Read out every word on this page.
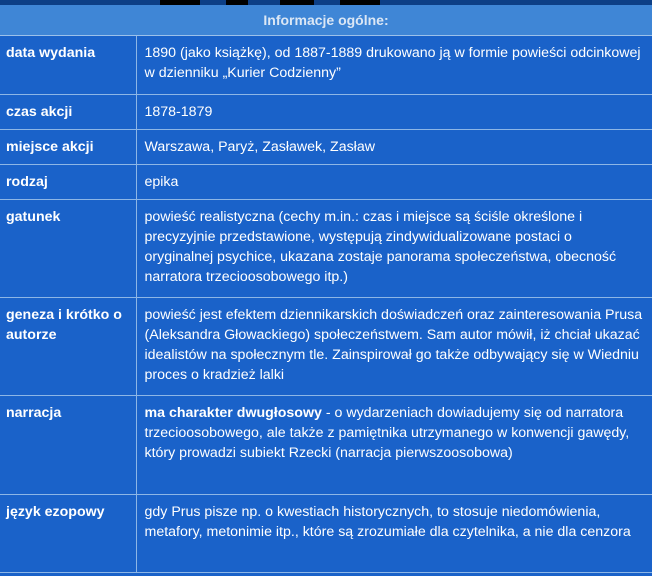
Informacje ogólne:	
data wydania	1890 (jako książkę), od 1887-1889 drukowano ją w formie powieści odcinkowej w dzienniku „Kurier Codzienny”
czas akcji	1878-1879
miejsce akcji	Warszawa, Paryż, Zasławek, Zasław
rodzaj	epika
gatunek	powieść realistyczna (cechy m.in.: czas i miejsce są ściśle określone i precyzyjnie przedstawione, występują zindywidualizowane postaci o oryginalnej psychice, ukazana zostaje panorama społeczeństwa, obecność narratora trzecioosobowego itp.)
geneza i krótko o autorze	powieść jest efektem dziennikarskich doświadczeń oraz zainteresowania Prusa (Aleksandra Głowackiego) społeczeństwem. Sam autor mówił, iż chciał ukazać idealistów na społecznym tle. Zainspirował go także odbywający się w Wiedniu proces o kradzież lalki
narracja	ma charakter dwugłosowy - o wydarzeniach dowiadujemy się od narratora trzecioosobowego, ale także z pamiętnika utrzymanego w konwencji gawędy, który prowadzi subiekt Rzecki (narracja pierwszoosobowa)
język ezopowy	gdy Prus pisze np. o kwestiach historycznych, to stosuje niedomówienia, metafory, metonimie itp., które są zrozumiałe dla czytelnika, a nie dla cenzora
